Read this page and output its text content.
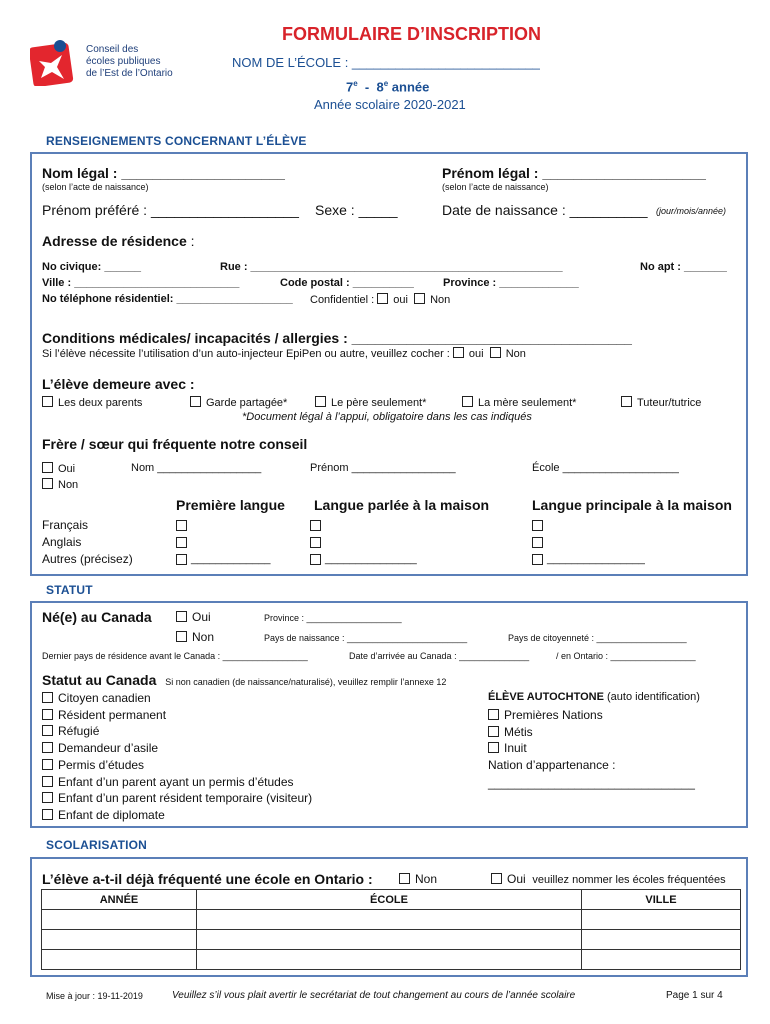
Conseil des
écoles publiques
de l’Est de l’Ontario
FORMULAIRE D’INSCRIPTION
NOM DE L’ÉCOLE : __________________________
7e  -  8e année
Année scolaire 2020-2021
RENSEIGNEMENTS CONCERNANT L’ÉLÈVE
Nom légal : _____________________
(selon l’acte de naissance)
Prénom légal : _____________________
(selon l’acte de naissance)
Prénom préféré : ___________________ Sexe : _____	Date de naissance : __________ (jour/mois/année)
Adresse de résidence :
No civique: ______	Rue : ___________________________________________________	No apt : _______
Ville : ___________________________	Code postal : __________	Province : _____________
No téléphone résidentiel: ___________________ Confidentiel : oui Non
Conditions médicales/ incapacités / allergies : ____________________________________
Si l’élève nécessite l’utilisation d’un auto-injecteur EpiPen ou autre, veuillez cocher : oui Non
L’élève demeure avec :
Les deux parents	Garde partagée*	Le père seulement*	La mère seulement*	Tuteur/tutrice
*Document légal à l’appui, obligatoire dans les cas indiqués
Frère / sœur qui fréquente notre conseil
Oui
Non
Nom _________________	Prénom _________________	École ___________________
Première langue Langue parlée à la maison	Langue principale à la maison
Français
Anglais
Autres (précisez)	_____________	_______________	________________
STATUT
Né(e) au Canada	Oui
Non
Province : ___________________
Pays de naissance : ________________________	Pays de citoyenneté : __________________
Dernier pays de résidence avant le Canada : _________________	Date d’arrivée au Canada : ______________	/ en Ontario : _________________
Statut au Canada Si non canadien (de naissance/naturalisé), veuillez remplir l’annexe 12
Citoyen canadien
Résident permanent
Réfugié
Demandeur d’asile
Permis d’études
Enfant d’un parent ayant un permis d’études
Enfant d’un parent résident temporaire (visiteur)
Enfant de diplomate
ÉLÈVE AUTOCHTONE (auto identification)
Premières Nations
Métis
Inuit
Nation d’appartenance :
_______________________________
SCOLARISATION
L’élève a-t-il déjà fréquenté une école en Ontario :	Non	Oui veuillez nommer les écoles fréquentées
ANNÉE	ÉCOLE	VILLE

Mise à jour : 19-11-2019	Veuillez s’il vous plait avertir le secrétariat de tout changement au cours de l’année scolaire	Page 1 sur 4
